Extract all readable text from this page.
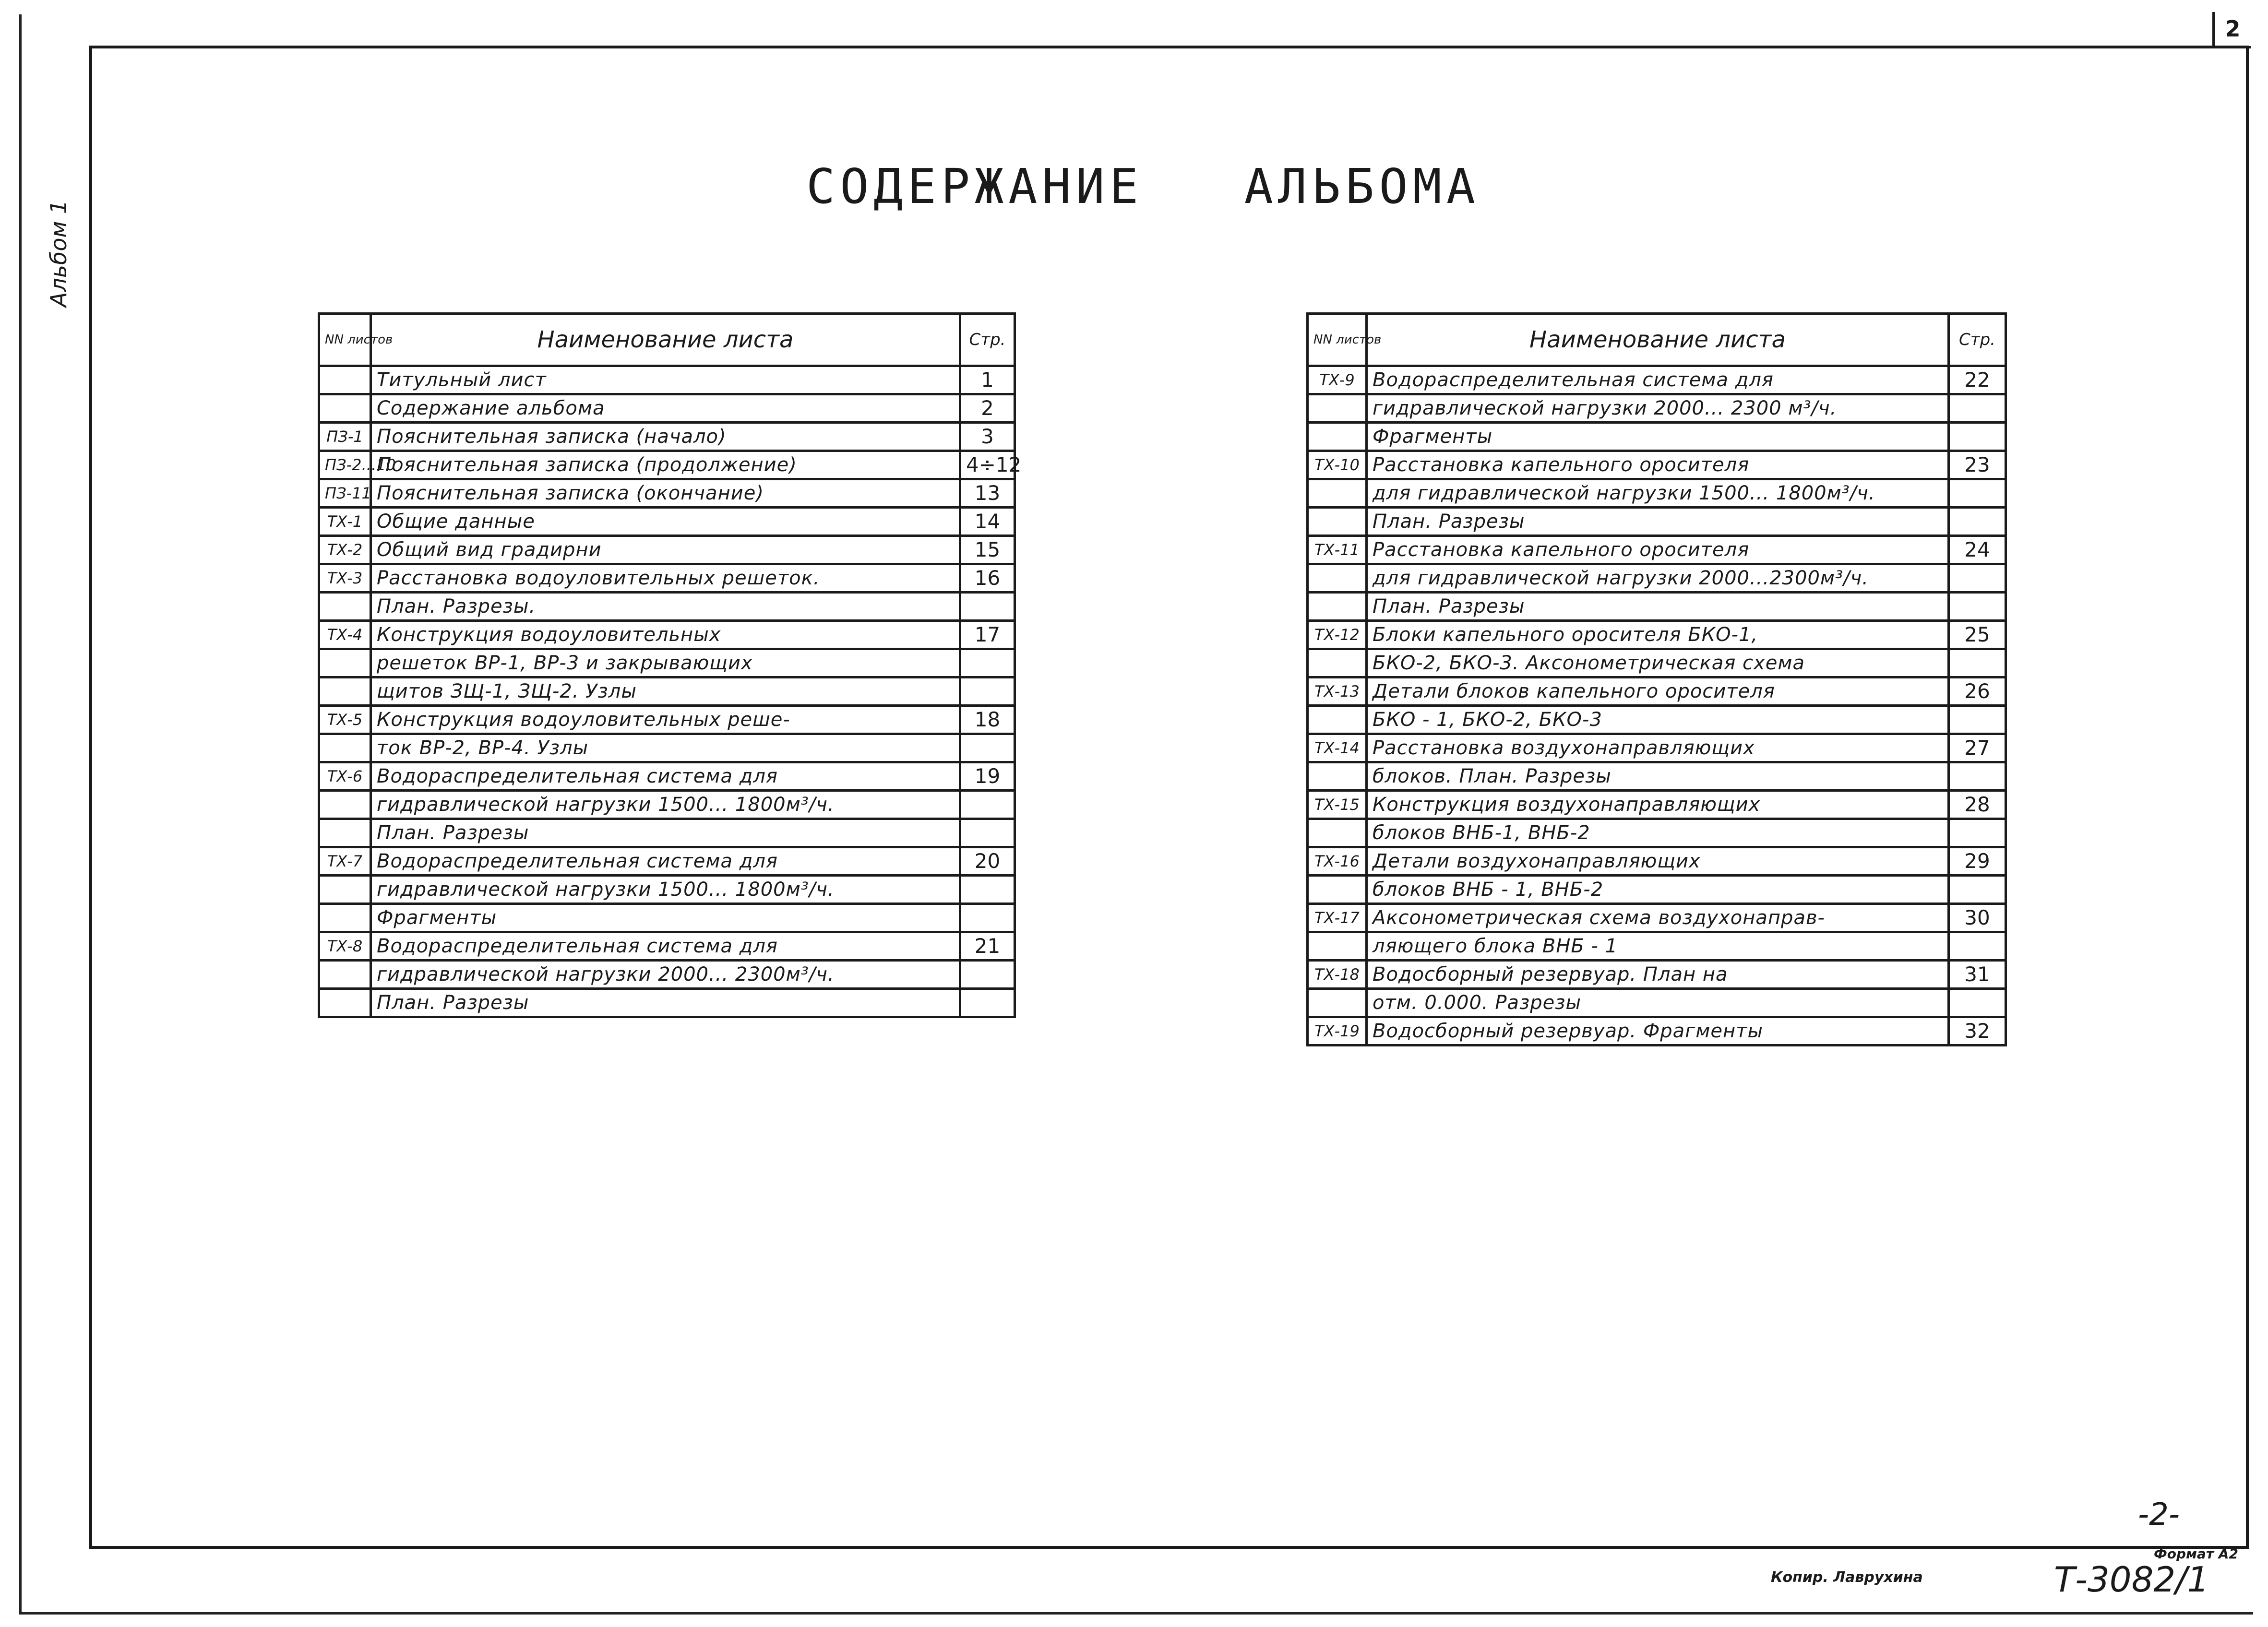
2
Альбом 1
СОДЕРЖАНИЕ   АЛЬБОМА
NN листов	Наименование листа	Стр.
	Титульный лист	1
	Содержание альбома	2
ПЗ-1	Пояснительная записка (начало)	3
ПЗ-2...10	Пояснительная записка (продолжение)	4÷12
ПЗ-11	Пояснительная записка (окончание)	13
ТХ-1	Общие данные	14
ТХ-2	Общий вид градирни	15
ТХ-3	Расстановка водоуловительных решеток.	16
	План. Разрезы.	
ТХ-4	Конструкция водоуловительных	17
	решеток ВР-1, ВР-3 и закрывающих	
	щитов ЗЩ-1, ЗЩ-2. Узлы	
ТХ-5	Конструкция водоуловительных реше-	18
	ток ВР-2, ВР-4. Узлы	
ТХ-6	Водораспределительная система для	19
	гидравлической нагрузки 1500... 1800м³/ч.	
	План. Разрезы	
ТХ-7	Водораспределительная система для	20
	гидравлической нагрузки 1500... 1800м³/ч.	
	Фрагменты	
ТХ-8	Водораспределительная система для	21
	гидравлической нагрузки 2000... 2300м³/ч.	
	План. Разрезы	
NN листов	Наименование листа	Стр.
ТХ-9	Водораспределительная система для	22
	гидравлической нагрузки 2000... 2300 м³/ч.	
	Фрагменты	
ТХ-10	Расстановка капельного оросителя	23
	для гидравлической нагрузки 1500... 1800м³/ч.	
	План. Разрезы	
ТХ-11	Расстановка капельного оросителя	24
	для гидравлической нагрузки 2000...2300м³/ч.	
	План. Разрезы	
ТХ-12	Блоки капельного оросителя БКО-1,	25
	БКО-2, БКО-3. Аксонометрическая схема	
ТХ-13	Детали блоков капельного оросителя	26
	БКО - 1, БКО-2, БКО-3	
ТХ-14	Расстановка воздухонаправляющих	27
	блоков. План. Разрезы	
ТХ-15	Конструкция воздухонаправляющих	28
	блоков ВНБ-1, ВНБ-2	
ТХ-16	Детали воздухонаправляющих	29
	блоков ВНБ - 1, ВНБ-2	
ТХ-17	Аксонометрическая схема воздухонаправ-	30
	ляющего блока ВНБ - 1	
ТХ-18	Водосборный резервуар. План на	31
	отм. 0.000. Разрезы	
ТХ-19	Водосборный резервуар. Фрагменты	32
-2-
Копир. Лаврухина
Формат А2
Т-3082/1
